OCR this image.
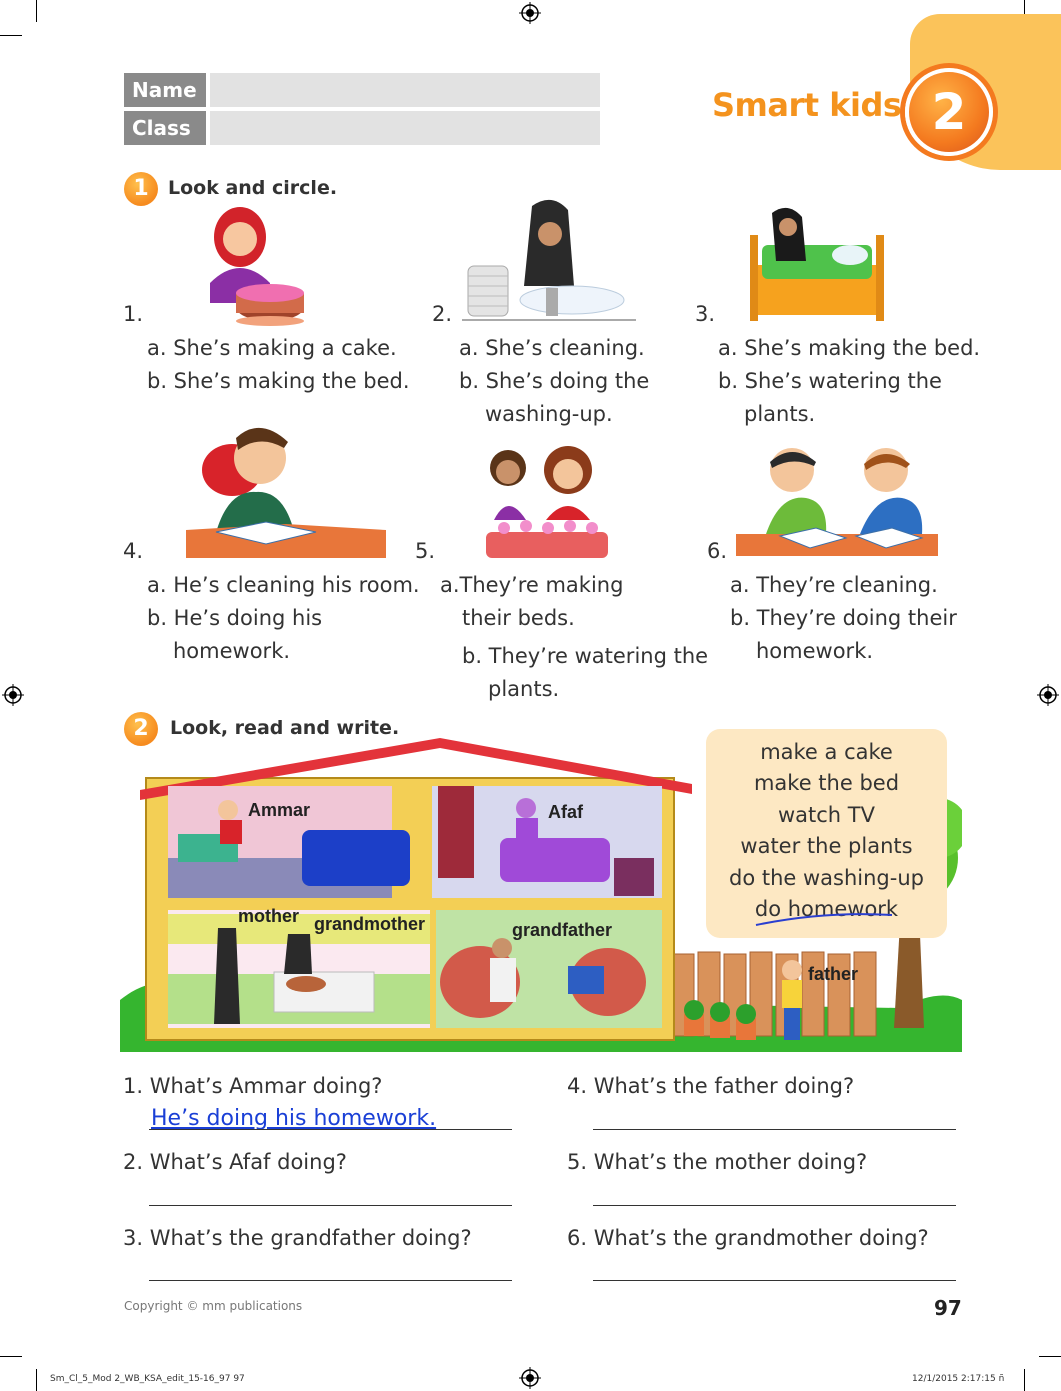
Name
Class
Smart kids 2
1	Look and circle.
1.
a. She’s making a cake.
b. She’s making the bed.
2.
a. She’s cleaning.
b. She’s doing the
washing-up.
3.
a. She’s making the bed.
b. She’s watering the
plants.
4.
a. He’s cleaning his room.
b. He’s doing his
homework.
5.
a.They’re making
their beds.
b. They’re watering the
plants.
6.
a. They’re cleaning.
b. They’re doing their
homework.
2	Look, read and write.
Ammar	Afaf
mother grandmother	grandfather
father
make a cake
make the bed
watch TV
water the plants
do the washing-up
do homework
1. What’s Ammar doing?
He’s doing his homework.
2. What’s Afaf doing?
3. What’s the grandfather doing?
4. What’s the father doing?
5. What’s the mother doing?
6. What’s the grandmother doing?
Copyright © mm publications	97
Sm_Cl_5_Mod 2_WB_KSA_edit_15-16_97 97	12/1/2015 2:17:15 ñ
